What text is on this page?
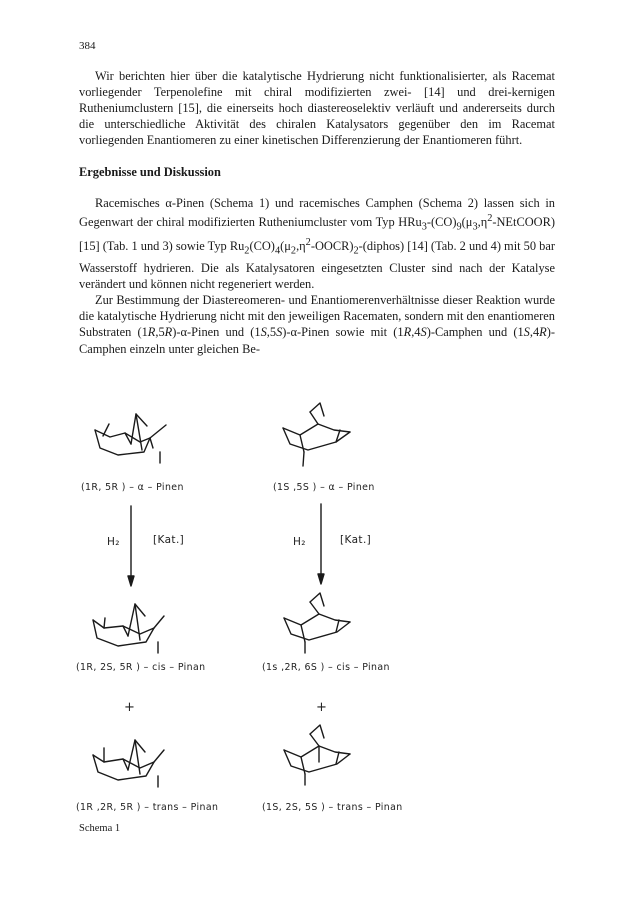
384

Wir berichten hier über die katalytische Hydrierung nicht funktionalisierter, als Racemat vorliegender Terpenolefine mit chiral modifizierten zwei- [14] und drei-kernigen Rutheniumclustern [15], die einerseits hoch diastereoselektiv verläuft und andererseits durch die unterschiedliche Aktivität des chiralen Katalysators gegenüber den im Racemat vorliegenden Enantiomeren zu einer kinetischen Differenzierung der Enantiomeren führt.

Ergebnisse und Diskussion

Racemisches α-Pinen (Schema 1) und racemisches Camphen (Schema 2) lassen sich in Gegenwart der chiral modifizierten Rutheniumcluster vom Typ $HRu_3-(CO)_9(\mu_3,\eta^2-NEtCOOR)$ [15] (Tab. 1 und 3) sowie Typ $Ru_2(CO)_4(\mu_2,\eta^2-OOCR)_2-(diphos)$ [14] (Tab. 2 und 4) mit 50 bar Wasserstoff hydrieren. Die als Katalysatoren eingesetzten Cluster sind nach der Katalyse verändert und können nicht regeneriert werden.

Zur Bestimmung der Diastereomeren- und Enantiomerenverhältnisse dieser Reaktion wurde die katalytische Hydrierung nicht mit den jeweiligen Racematen, sondern mit den enantiomeren Substraten (1R,5R)-α-Pinen und (1S,5S)-α-Pinen sowie mit (1R,4S)-Camphen und (1S,4R)-Camphen einzeln unter gleichen Be-

(1R, 5R ) – α – Pinen	(1S ,5S ) – α – Pinen
H₂	[Kat.]	H₂	[Kat.]
(1R, 2S, 5R ) – cis – Pinan	(1s ,2R, 6S ) – cis – Pinan
+	+
(1R ,2R, 5R ) – trans – Pinan	(1S, 2S, 5S ) – trans – Pinan
Schema 1
